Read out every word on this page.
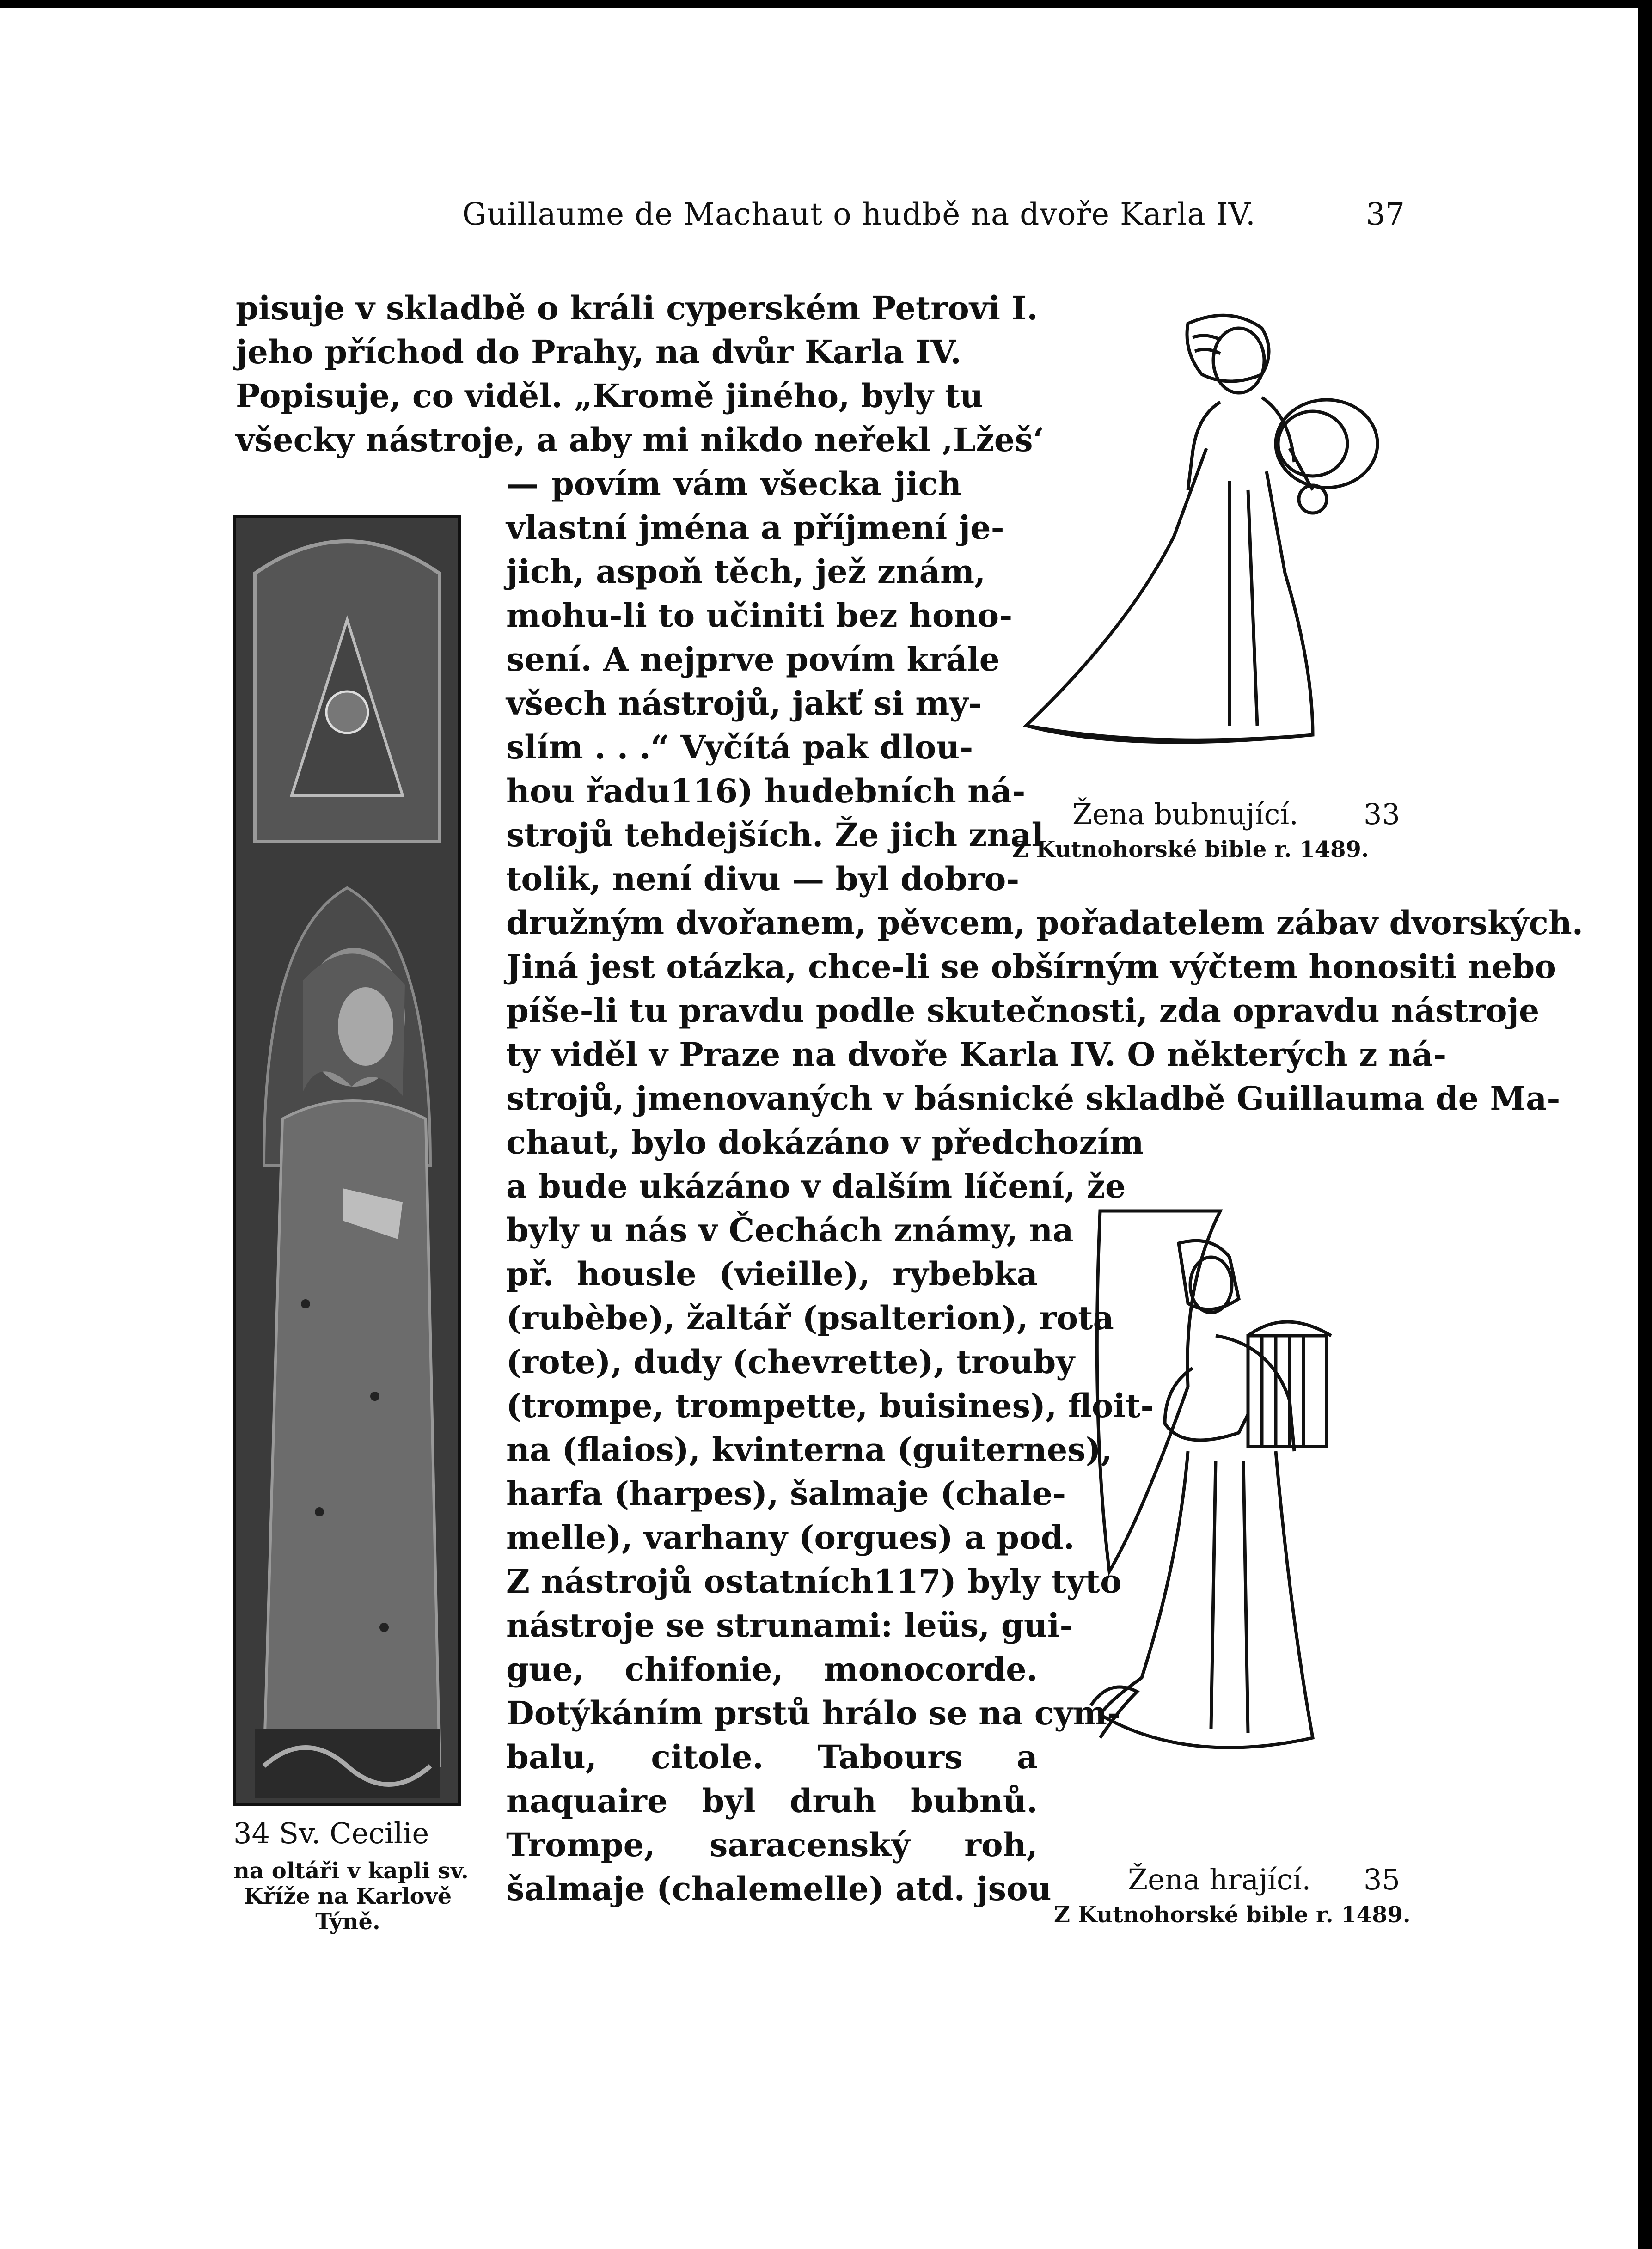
Guillaume de Machaut o hudbě na dvoře Karla IV.	37
pisuje v skladbě o králi cyperském Petrovi I.
jeho příchod do Prahy, na dvůr Karla IV.
Popisuje, co viděl. „Kromě jiného, byly tu
všecky nástroje, a aby mi nikdo neřekl ‚Lžeš‘
— povím vám všecka jich
vlastní jména a příjmení je-
jich, aspoň těch, jež znám,
mohu-li to učiniti bez hono-
sení. A nejprve povím krále
všech nástrojů, jakť si my-
slím . . .“ Vyčítá pak dlou-
hou řadu116) hudebních ná-
strojů tehdejších. Že jich znal
tolik, není divu — byl dobro-
družným dvořanem, pěvcem, pořadatelem zábav dvorských.
Jiná jest otázka, chce-li se obšírným výčtem honositi nebo
píše-li tu pravdu podle skutečnosti, zda opravdu nástroje
ty viděl v Praze na dvoře Karla IV. O některých z ná-
strojů, jmenovaných v básnické skladbě Guillauma de Ma-
chaut, bylo dokázáno v předchozím
a bude ukázáno v dalším líčení, že
byly u nás v Čechách známy, na
př. housle (vieille), rybebka
(rubèbe), žaltář (psalterion), rota
(rote), dudy (chevrette), trouby
(trompe, trompette, buisines), floit-
na (flaios), kvinterna (guiternes),
harfa (harpes), šalmaje (chale-
melle), varhany (orgues) a pod.
Z nástrojů ostatních117) byly tyto
nástroje se strunami: leüs, gui-
gue, chifonie, monocorde.
Dotýkáním prstů hrálo se na cym-
balu, citole. Tabours a
naquaire byl druh bubnů.
Trompe, saracenský roh,
šalmaje (chalemelle) atd. jsou
34 Sv. Cecilie
na oltáři v kapli sv.
Kříže na Karlově
Týně.
Žena bubnující. 33
Z Kutnohorské bible r. 1489.
Žena hrající. 35
Z Kutnohorské bible r. 1489.
